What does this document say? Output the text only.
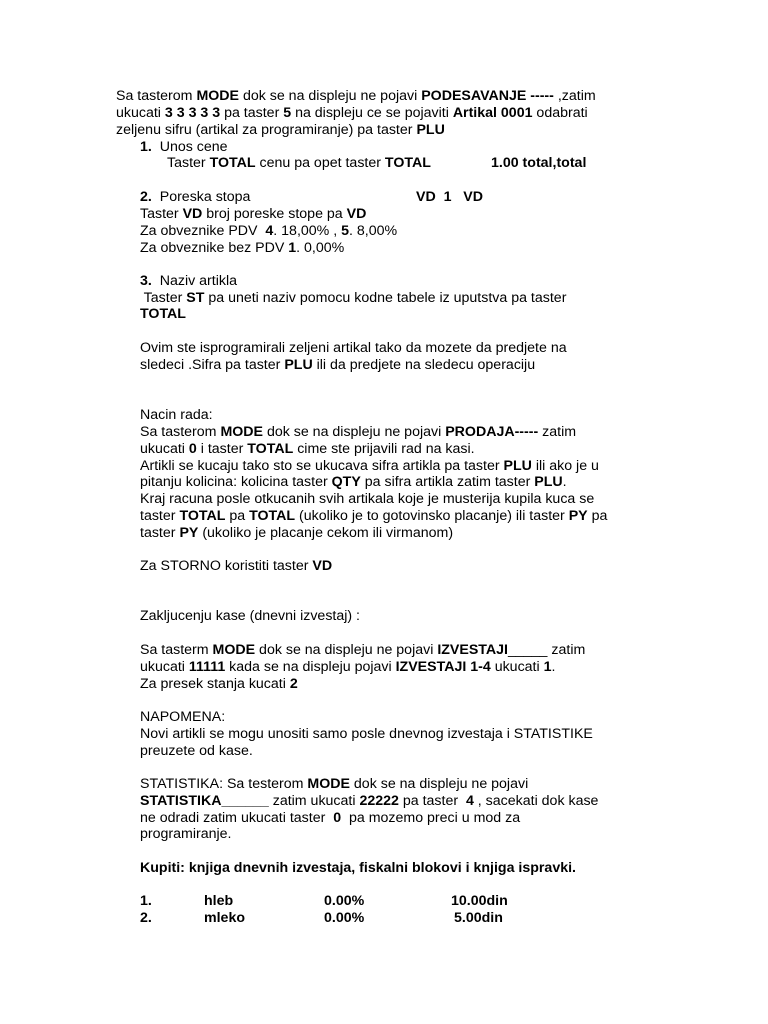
Sa tasterom MODE dok se na displeju ne pojavi PODESAVANJE ----- ,zatim
ukucati 3 3 3 3 3 pa taster 5 na displeju ce se pojaviti Artikal 0001 odabrati
zeljenu sifru (artikal za programiranje) pa taster PLU
1.  Unos cene
Taster TOTAL cenu pa opet taster TOTAL	1.00 total,total
2.  Poreska stopa	VD  1   VD
Taster VD broj poreske stope pa VD
Za obveznike PDV  4. 18,00% , 5. 8,00%
Za obveznike bez PDV 1. 0,00%
3.  Naziv artikla
Taster ST pa uneti naziv pomocu kodne tabele iz uputstva pa taster
TOTAL
Ovim ste isprogramirali zeljeni artikal tako da mozete da predjete na
sledeci .Sifra pa taster PLU ili da predjete na sledecu operaciju
Nacin rada:
Sa tasterom MODE dok se na displeju ne pojavi PRODAJA----- zatim
ukucati 0 i taster TOTAL cime ste prijavili rad na kasi.
Artikli se kucaju tako sto se ukucava sifra artikla pa taster PLU ili ako je u
pitanju kolicina: kolicina taster QTY pa sifra artikla zatim taster PLU.
Kraj racuna posle otkucanih svih artikala koje je musterija kupila kuca se
taster TOTAL pa TOTAL (ukoliko je to gotovinsko placanje) ili taster PY pa
taster PY (ukoliko je placanje cekom ili virmanom)
Za STORNO koristiti taster VD
Zakljucenju kase (dnevni izvestaj) :
Sa tasterm MODE dok se na displeju ne pojavi IZVESTAJI_____ zatim
ukucati 11111 kada se na displeju pojavi IZVESTAJI 1-4 ukucati 1.
Za presek stanja kucati 2
NAPOMENA:
Novi artikli se mogu unositi samo posle dnevnog izvestaja i STATISTIKE
preuzete od kase.
STATISTIKA: Sa testerom MODE dok se na displeju ne pojavi
STATISTIKA______ zatim ukucati 22222 pa taster  4 , sacekati dok kase
ne odradi zatim ukucati taster  0  pa mozemo preci u mod za
programiranje.
Kupiti: knjiga dnevnih izvestaja, fiskalni blokovi i knjiga ispravki.
1.	hleb	0.00%	10.00din
2.	mleko	0.00%	5.00din
